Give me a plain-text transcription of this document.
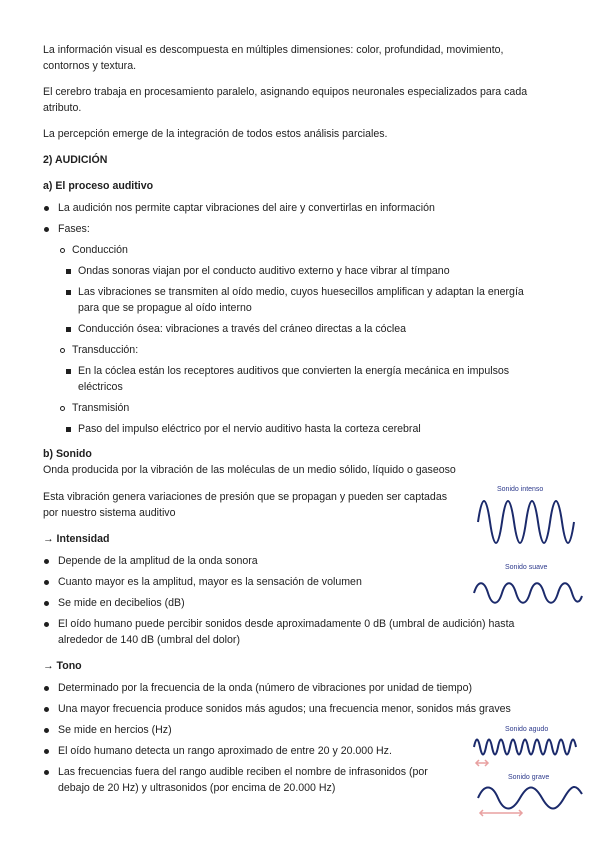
La información visual es descompuesta en múltiples dimensiones: color, profundidad, movimiento,
contornos y textura.
El cerebro trabaja en procesamiento paralelo, asignando equipos neuronales especializados para cada
atributo.
La percepción emerge de la integración de todos estos análisis parciales.
2) AUDICIÓN
a) El proceso auditivo
La audición nos permite captar vibraciones del aire y convertirlas en información
Fases:
Conducción
Ondas sonoras viajan por el conducto auditivo externo y hace vibrar al tímpano
Las vibraciones se transmiten al oído medio, cuyos huesecillos amplifican y adaptan la energía
para que se propague al oído interno
Conducción ósea: vibraciones a través del cráneo directas a la cóclea
Transducción:
En la cóclea están los receptores auditivos que convierten la energía mecánica en impulsos
eléctricos
Transmisión
Paso del impulso eléctrico por el nervio auditivo hasta la corteza cerebral
b) Sonido
Onda producida por la vibración de las moléculas de un medio sólido, líquido o gaseoso
Esta vibración genera variaciones de presión que se propagan y pueden ser captadas
por nuestro sistema auditivo
→ Intensidad
Depende de la amplitud de la onda sonora
Cuanto mayor es la amplitud, mayor es la sensación de volumen
Se mide en decibelios (dB)
El oído humano puede percibir sonidos desde aproximadamente 0 dB (umbral de audición) hasta
alrededor de 140 dB (umbral del dolor)
→ Tono
Determinado por la frecuencia de la onda (número de vibraciones por unidad de tiempo)
Una mayor frecuencia produce sonidos más agudos; una frecuencia menor, sonidos más graves
Se mide en hercios (Hz)
El oído humano detecta un rango aproximado de entre 20 y 20.000 Hz.
Las frecuencias fuera del rango audible reciben el nombre de infrasonidos (por
debajo de 20 Hz) y ultrasonidos (por encima de 20.000 Hz)
Sonido intenso
Sonido suave
Sonido agudo
Sonido grave
